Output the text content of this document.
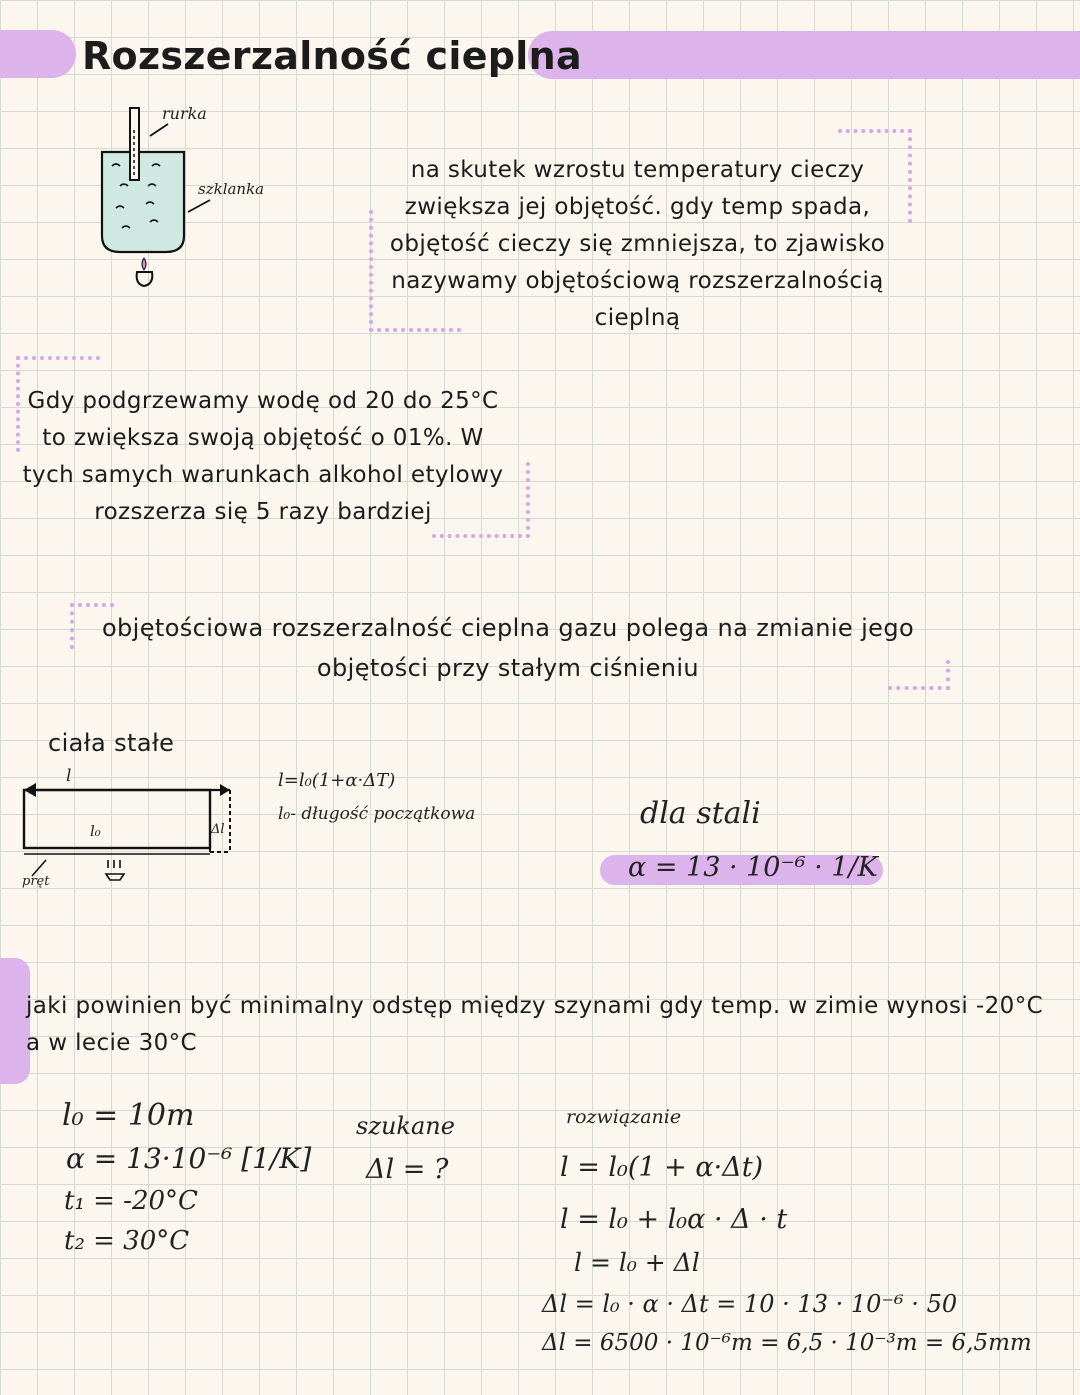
Rozszerzalność cieplna
rurka
szklanka
na skutek wzrostu temperatury cieczy zwiększa jej objętość. gdy temp spada, objętość cieczy się zmniejsza, to zjawisko nazywamy objętościową rozszerzalnością cieplną
Gdy podgrzewamy wodę od 20 do 25°C to zwiększa swoją objętość o 01%. W tych samych warunkach alkohol etylowy rozszerza się 5 razy bardziej
objętościowa rozszerzalność cieplna gazu polega na zmianie jego objętości przy stałym ciśnieniu
ciała stałe
l
l₀	Δl
pręt
l=l₀(1+α·ΔT)
l₀- długość początkowa	dla stali
α = 13 · 10⁻⁶ · 1/K
jaki powinien być minimalny odstęp między szynami gdy temp. w zimie wynosi -20°C a w lecie 30°C
l₀ = 10m
α = 13·10⁻⁶ [1/K]
t₁ = -20°C
t₂ = 30°C
szukane
Δl = ?
rozwiązanie
l = l₀(1 + α·Δt)
l = l₀ + l₀α · Δ · t
l = l₀ + Δl
Δl = l₀ · α · Δt = 10 · 13 · 10⁻⁶ · 50
Δl = 6500 · 10⁻⁶m = 6,5 · 10⁻³m = 6,5mm
